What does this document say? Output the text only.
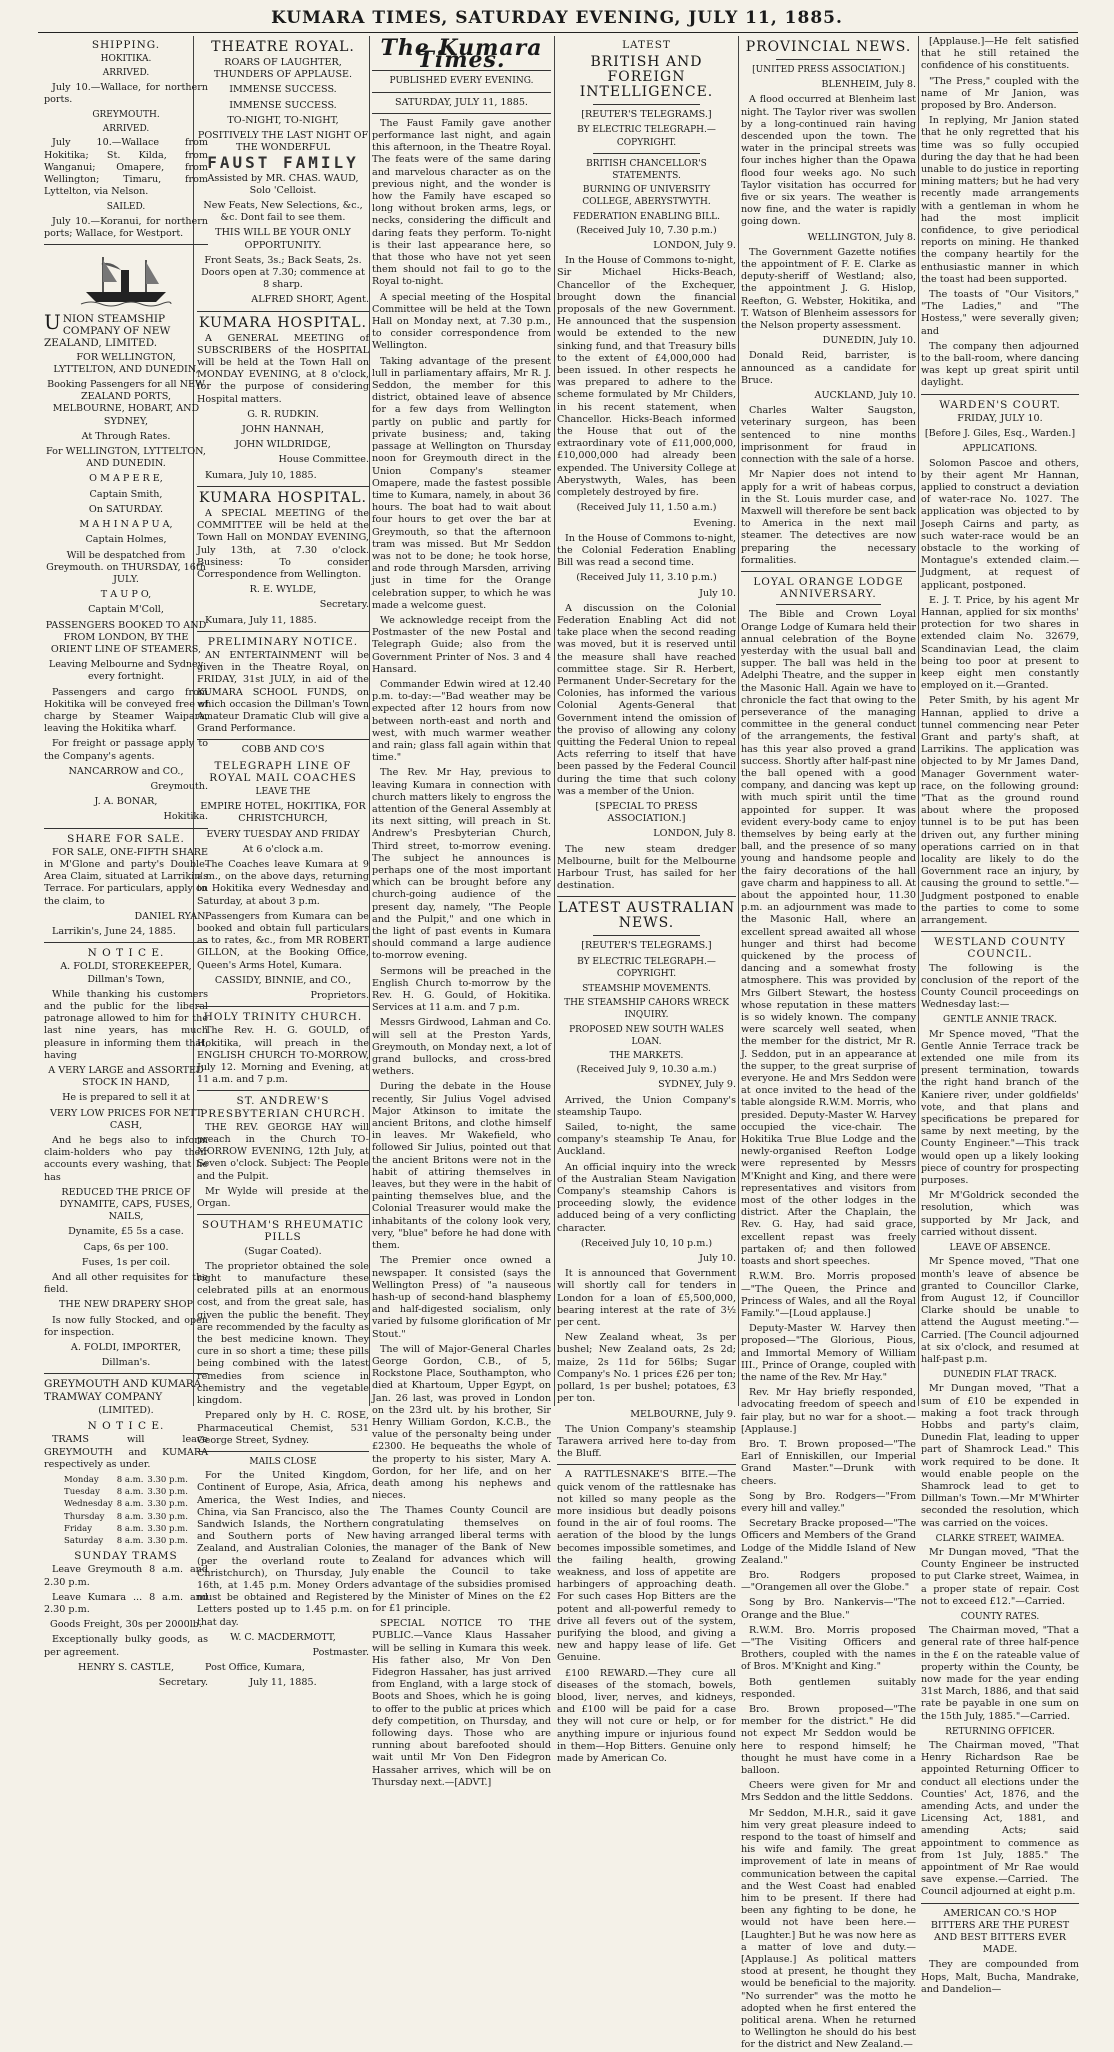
KUMARA TIMES, SATURDAY EVENING, JULY 11, 1885.
SHIPPING.
HOKITIKA.
ARRIVED.

July 10.—Wallace, for northern ports.

GREYMOUTH.
ARRIVED.

July 10.—Wallace from Hokitika; St. Kilda, from Wanganui; Omapere, from Wellington; Timaru, from Lyttelton, via Nelson.

SAILED.

July 10.—Koranui, for northern ports; Wallace, for Westport.

UNION STEAMSHIP COMPANY OF NEW ZEALAND, LIMITED.

FOR WELLINGTON, LYTTELTON, AND DUNEDIN,

Booking Passengers for all NEW ZEALAND PORTS, MELBOURNE, HOBART, AND SYDNEY,

At Through Rates.

For WELLINGTON, LYTTELTON, AND DUNEDIN.

O M A P E R E,

Captain Smith,

On SATURDAY.

M A H I N A P U A,

Captain Holmes,

Will be despatched from Greymouth. on THURSDAY, 16th JULY.

T A U P O,

Captain M'Coll,

PASSENGERS BOOKED TO AND FROM LONDON, BY THE ORIENT LINE OF STEAMERS,

Leaving Melbourne and Sydney every fortnight.

Passengers and cargo from Hokitika will be conveyed free of charge by Steamer Waipara, leaving the Hokitika wharf.

For freight or passage apply to the Company's agents.

NANCARROW and CO.,

Greymouth.

J. A. BONAR,

Hokitika.

SHARE FOR SALE.

FOR SALE, ONE-FIFTH SHARE in M'Glone and party's Double-Area Claim, situated at Larrikin's Terrace. For particulars, apply on the claim, to

DANIEL RYAN.

Larrikin's, June 24, 1885.

N O T I C E.

A. FOLDI, STOREKEEPER, Dillman's Town,

While thanking his customers and the public for the liberal patronage allowed to him for the last nine years, has much pleasure in informing them that, having

A VERY LARGE and ASSORTED STOCK IN HAND,

He is prepared to sell it at

VERY LOW PRICES FOR NETT CASH,

And he begs also to inform claim-holders who pay their accounts every washing, that he has

REDUCED THE PRICE OF DYNAMITE, CAPS, FUSES, NAILS,

Dynamite, £5 5s a case.

Caps, 6s per 100.

Fuses, 1s per coil.

And all other requisites for the field.

THE NEW DRAPERY SHOP

Is now fully Stocked, and open for inspection.

A. FOLDI, IMPORTER,

Dillman's.

GREYMOUTH AND KUMARA TRAMWAY COMPANY

(LIMITED).

N O T I C E.

TRAMS will leave GREYMOUTH and KUMARA respectively as under.

Monday	8 a.m.	3.30 p.m.
Tuesday	8 a.m.	3.30 p.m.
Wednesday	8 a.m.	3.30 p.m.
Thursday	8 a.m.	3.30 p.m.
Friday	8 a.m.	3.30 p.m.
Saturday	8 a.m.	3.30 p.m.
SUNDAY TRAMS

Leave Greymouth 8 a.m. and 2.30 p.m.

Leave Kumara ... 8 a.m. and 2.30 p.m.

Goods Freight, 30s per 2000lb.

Exceptionally bulky goods, as per agreement.

HENRY S. CASTLE,

Secretary.

THEATRE ROYAL.

ROARS OF LAUGHTER, THUNDERS OF APPLAUSE.

IMMENSE SUCCESS.

IMMENSE SUCCESS.

TO-NIGHT, TO-NIGHT,

POSITIVELY THE LAST NIGHT OF THE WONDERFUL

FAUST FAMILY

Assisted by MR. CHAS. WAUD, Solo 'Celloist.

New Feats, New Selections, &c., &c. Dont fail to see them.

THIS WILL BE YOUR ONLY OPPORTUNITY.

Front Seats, 3s.; Back Seats, 2s. Doors open at 7.30; commence at 8 sharp.

ALFRED SHORT, Agent.

KUMARA HOSPITAL.

A GENERAL MEETING of SUBSCRIBERS of the HOSPITAL will be held at the Town Hall on MONDAY EVENING, at 8 o'clock, for the purpose of considering Hospital matters.

G. R. RUDKIN.

JOHN HANNAH,

JOHN WILDRIDGE,

House Committee.

Kumara, July 10, 1885.

KUMARA HOSPITAL.

A SPECIAL MEETING of the COMMITTEE will be held at the Town Hall on MONDAY EVENING, July 13th, at 7.30 o'clock. Business: To consider Correspondence from Wellington.

R. E. WYLDE,

Secretary.

Kumara, July 11, 1885.

PRELIMINARY NOTICE.

AN ENTERTAINMENT will be given in the Theatre Royal, on FRIDAY, 31st JULY, in aid of the KUMARA SCHOOL FUNDS, on which occasion the Dillman's Town Amateur Dramatic Club will give a Grand Performance.

COBB AND CO'S

TELEGRAPH LINE OF ROYAL MAIL COACHES

LEAVE THE

EMPIRE HOTEL, HOKITIKA, FOR CHRISTCHURCH,

EVERY TUESDAY AND FRIDAY

At 6 o'clock a.m.

The Coaches leave Kumara at 9 a.m., on the above days, returning to Hokitika every Wednesday and Saturday, at about 3 p.m.

Passengers from Kumara can be booked and obtain full particulars as to rates, &c., from MR ROBERT GILLON, at the Booking Office, Queen's Arms Hotel, Kumara.

CASSIDY, BINNIE, and CO.,

Proprietors.

HOLY TRINITY CHURCH.

The Rev. H. G. GOULD, of Hokitika, will preach in the ENGLISH CHURCH TO-MORROW, July 12. Morning and Evening, at 11 a.m. and 7 p.m.

ST. ANDREW'S PRESBYTERIAN CHURCH.

THE REV. GEORGE HAY will preach in the Church TO-MORROW EVENING, 12th July, at Seven o'clock. Subject: The People and the Pulpit.

Mr Wylde will preside at the Organ.

SOUTHAM'S RHEUMATIC PILLS

(Sugar Coated).

The proprietor obtained the sole right to manufacture these celebrated pills at an enormous cost, and from the great sale, has given the public the benefit. They are recommended by the faculty as the best medicine known. They cure in so short a time; these pills being combined with the latest remedies from science in chemistry and the vegetable kingdom.

Prepared only by H. C. ROSE, Pharmaceutical Chemist, 531 George Street, Sydney.

MAILS CLOSE

For the United Kingdom, Continent of Europe, Asia, Africa, America, the West Indies, and China, via San Francisco, also the Sandwich Islands, the Northern and Southern ports of New Zealand, and Australian Colonies, (per the overland route to Christchurch), on Thursday, July 16th, at 1.45 p.m. Money Orders must be obtained and Registered Letters posted up to 1.45 p.m. on that day.

W. C. MACDERMOTT,

Postmaster.

Post Office, Kumara,

July 11, 1885.

The Kumara Times.

PUBLISHED EVERY EVENING.

SATURDAY, JULY 11, 1885.

The Faust Family gave another performance last night, and again this afternoon, in the Theatre Royal. The feats were of the same daring and marvelous character as on the previous night, and the wonder is how the Family have escaped so long without broken arms, legs, or necks, considering the difficult and daring feats they perform. To-night is their last appearance here, so that those who have not yet seen them should not fail to go to the Royal to-night.

A special meeting of the Hospital Committee will be held at the Town Hall on Monday next, at 7.30 p.m., to consider correspondence from Wellington.

Taking advantage of the present lull in parliamentary affairs, Mr R. J. Seddon, the member for this district, obtained leave of absence for a few days from Wellington partly on public and partly for private business; and, taking passage at Wellington on Thursday noon for Greymouth direct in the Union Company's steamer Omapere, made the fastest possible time to Kumara, namely, in about 36 hours. The boat had to wait about four hours to get over the bar at Greymouth, so that the afternoon tram was missed. But Mr Seddon was not to be done; he took horse, and rode through Marsden, arriving just in time for the Orange celebration supper, to which he was made a welcome guest.

We acknowledge receipt from the Postmaster of the new Postal and Telegraph Guide; also from the Government Printer of Nos. 3 and 4 Hansard.

Commander Edwin wired at 12.40 p.m. to-day:—"Bad weather may be expected after 12 hours from now between north-east and north and west, with much warmer weather and rain; glass fall again within that time."

The Rev. Mr Hay, previous to leaving Kumara in connection with church matters likely to engross the attention of the General Assembly at its next sitting, will preach in St. Andrew's Presbyterian Church, Third street, to-morrow evening. The subject he announces is perhaps one of the most important which can be brought before any church-going audience of the present day, namely, "The People and the Pulpit," and one which in the light of past events in Kumara should command a large audience to-morrow evening.

Sermons will be preached in the English Church to-morrow by the Rev. H. G. Gould, of Hokitika. Services at 11 a.m. and 7 p.m.

Messrs Girdwood, Lahman and Co. will sell at the Preston Yards, Greymouth, on Monday next, a lot of grand bullocks, and cross-bred wethers.

During the debate in the House recently, Sir Julius Vogel advised Major Atkinson to imitate the ancient Britons, and clothe himself in leaves. Mr Wakefield, who followed Sir Julius, pointed out that the ancient Britons were not in the habit of attiring themselves in leaves, but they were in the habit of painting themselves blue, and the Colonial Treasurer would make the inhabitants of the colony look very, very, "blue" before he had done with them.

The Premier once owned a newspaper. It consisted (says the Wellington Press) of "a nauseous hash-up of second-hand blasphemy and half-digested socialism, only varied by fulsome glorification of Mr Stout."

The will of Major-General Charles George Gordon, C.B., of 5, Rockstone Place, Southampton, who died at Khartoum, Upper Egypt, on Jan. 26 last, was proved in London on the 23rd ult. by his brother, Sir Henry William Gordon, K.C.B., the value of the personalty being under £2300. He bequeaths the whole of the property to his sister, Mary A. Gordon, for her life, and on her death among his nephews and nieces.

The Thames County Council are congratulating themselves on having arranged liberal terms with the manager of the Bank of New Zealand for advances which will enable the Council to take advantage of the subsidies promised by the Minister of Mines on the £2 for £1 principle.

SPECIAL NOTICE TO THE PUBLIC.—Vance Klaus Hassaher will be selling in Kumara this week. His father also, Mr Von Den Fidegron Hassaher, has just arrived from England, with a large stock of Boots and Shoes, which he is going to offer to the public at prices which defy competition, on Thursday, and following days. Those who are running about barefooted should wait until Mr Von Den Fidegron Hassaher arrives, which will be on Thursday next.—[ADVT.]

LATEST
BRITISH AND FOREIGN INTELLIGENCE.

[REUTER'S TELEGRAMS.]

BY ELECTRIC TELEGRAPH.—COPYRIGHT.

BRITISH CHANCELLOR'S STATEMENTS.
BURNING OF UNIVERSITY COLLEGE, ABERYSTWYTH.
FEDERATION ENABLING BILL.

(Received July 10, 7.30 p.m.)

LONDON, July 9.

In the House of Commons to-night, Sir Michael Hicks-Beach, Chancellor of the Exchequer, brought down the financial proposals of the new Government. He announced that the suspension would be extended to the new sinking fund, and that Treasury bills to the extent of £4,000,000 had been issued. In other respects he was prepared to adhere to the scheme formulated by Mr Childers, in his recent statement, when Chancellor. Hicks-Beach informed the House that out of the extraordinary vote of £11,000,000, £10,000,000 had already been expended. The University College at Aberystwyth, Wales, has been completely destroyed by fire.

(Received July 11, 1.50 a.m.)

Evening.

In the House of Commons to-night, the Colonial Federation Enabling Bill was read a second time.

(Received July 11, 3.10 p.m.)

July 10.

A discussion on the Colonial Federation Enabling Act did not take place when the second reading was moved, but it is reserved until the measure shall have reached committee stage. Sir R. Herbert, Permanent Under-Secretary for the Colonies, has informed the various Colonial Agents-General that Government intend the omission of the proviso of allowing any colony quitting the Federal Union to repeal Acts referring to itself that have been passed by the Federal Council during the time that such colony was a member of the Union.

[SPECIAL TO PRESS ASSOCIATION.]

LONDON, July 8.

The new steam dredger Melbourne, built for the Melbourne Harbour Trust, has sailed for her destination.

LATEST AUSTRALIAN NEWS.

[REUTER'S TELEGRAMS.]

BY ELECTRIC TELEGRAPH.—COPYRIGHT.

STEAMSHIP MOVEMENTS.
THE STEAMSHIP CAHORS WRECK INQUIRY.
PROPOSED NEW SOUTH WALES LOAN.
THE MARKETS.

(Received July 9, 10.30 a.m.)

SYDNEY, July 9.

Arrived, the Union Company's steamship Taupo.

Sailed, to-night, the same company's steamship Te Anau, for Auckland.

An official inquiry into the wreck of the Australian Steam Navigation Company's steamship Cahors is proceeding slowly, the evidence adduced being of a very conflicting character.

(Received July 10, 10 p.m.)

July 10.

It is announced that Government will shortly call for tenders in London for a loan of £5,500,000, bearing interest at the rate of 3½ per cent.

New Zealand wheat, 3s per bushel; New Zealand oats, 2s 2d; maize, 2s 11d for 56lbs; Sugar Company's No. 1 prices £26 per ton; pollard, 1s per bushel; potatoes, £3 per ton.

MELBOURNE, July 9.

The Union Company's steamship Tarawera arrived here to-day from the Bluff.

A RATTLESNAKE'S BITE.—The quick venom of the rattlesnake has not killed so many people as the more insidious but deadly poisons found in the air of foul rooms. The aeration of the blood by the lungs becomes impossible sometimes, and the failing health, growing weakness, and loss of appetite are harbingers of approaching death. For such cases Hop Bitters are the potent and all-powerful remedy to drive all fevers out of the system, purifying the blood, and giving a new and happy lease of life. Get Genuine.

£100 REWARD.—They cure all diseases of the stomach, bowels, blood, liver, nerves, and kidneys, and £100 will be paid for a case they will not cure or help, or for anything impure or injurious found in them—Hop Bitters. Genuine only made by American Co.

PROVINCIAL NEWS.

[UNITED PRESS ASSOCIATION.]

BLENHEIM, July 8.

A flood occurred at Blenheim last night. The Taylor river was swollen by a long-continued rain having descended upon the town. The water in the principal streets was four inches higher than the Opawa flood four weeks ago. No such Taylor visitation has occurred for five or six years. The weather is now fine, and the water is rapidly going down.

WELLINGTON, July 8.

The Government Gazette notifies the appointment of F. E. Clarke as deputy-sheriff of Westland; also, the appointment J. G. Hislop, Reefton, G. Webster, Hokitika, and T. Watson of Blenheim assessors for the Nelson property assessment.

DUNEDIN, July 10.

Donald Reid, barrister, is announced as a candidate for Bruce.

AUCKLAND, July 10.

Charles Walter Saugston, veterinary surgeon, has been sentenced to nine months imprisonment for fraud in connection with the sale of a horse.

Mr Napier does not intend to apply for a writ of habeas corpus, in the St. Louis murder case, and Maxwell will therefore be sent back to America in the next mail steamer. The detectives are now preparing the necessary formalities.

LOYAL ORANGE LODGE ANNIVERSARY.

The Bible and Crown Loyal Orange Lodge of Kumara held their annual celebration of the Boyne yesterday with the usual ball and supper. The ball was held in the Adelphi Theatre, and the supper in the Masonic Hall. Again we have to chronicle the fact that owing to the perseverance of the managing committee in the general conduct of the arrangements, the festival has this year also proved a grand success. Shortly after half-past nine the ball opened with a good company, and dancing was kept up with much spirit until the time appointed for supper. It was evident every-body came to enjoy themselves by being early at the ball, and the presence of so many young and handsome people and the fairy decorations of the hall gave charm and happiness to all. At about the appointed hour, 11.30 p.m. an adjournment was made to the Masonic Hall, where an excellent spread awaited all whose hunger and thirst had become quickened by the process of dancing and a somewhat frosty atmosphere. This was provided by Mrs Gilbert Stewart, the hostess whose reputation in these matters is so widely known. The company were scarcely well seated, when the member for the district, Mr R. J. Seddon, put in an appearance at the supper, to the great surprise of everyone. He and Mrs Seddon were at once invited to the head of the table alongside R.W.M. Morris, who presided. Deputy-Master W. Harvey occupied the vice-chair. The Hokitika True Blue Lodge and the newly-organised Reefton Lodge were represented by Messrs M'Knight and King, and there were representatives and visitors from most of the other lodges in the district. After the Chaplain, the Rev. G. Hay, had said grace, excellent repast was freely partaken of; and then followed toasts and short speeches.

R.W.M. Bro. Morris proposed—"The Queen, the Prince and Princess of Wales, and all the Royal Family."—[Loud applause.]

Deputy-Master W. Harvey then proposed—"The Glorious, Pious, and Immortal Memory of William III., Prince of Orange, coupled with the name of the Rev. Mr Hay."

Rev. Mr Hay briefly responded, advocating freedom of speech and fair play, but no war for a shoot.—[Applause.]

Bro. T. Brown proposed—"The Earl of Enniskillen, our Imperial Grand Master."—Drunk with cheers.

Song by Bro. Rodgers—"From every hill and valley."

Secretary Bracke proposed—"The Officers and Members of the Grand Lodge of the Middle Island of New Zealand."

Bro. Rodgers proposed—"Orangemen all over the Globe."

Song by Bro. Nankervis—"The Orange and the Blue."

R.W.M. Bro. Morris proposed—"The Visiting Officers and Brothers, coupled with the names of Bros. M'Knight and King."

Both gentlemen suitably responded.

Bro. Brown proposed—"The member for the district." He did not expect Mr Seddon would be here to respond himself; he thought he must have come in a balloon.

Cheers were given for Mr and Mrs Seddon and the little Seddons.

Mr Seddon, M.H.R., said it gave him very great pleasure indeed to respond to the toast of himself and his wife and family. The great improvement of late in means of communication between the capital and the West Coast had enabled him to be present. If there had been any fighting to be done, he would not have been here.—[Laughter.] But he was now here as a matter of love and duty.—[Applause.] As political matters stood at present, he thought they would be beneficial to the majority. "No surrender" was the motto he adopted when he first entered the political arena. When he returned to Wellington he should do his best for the district and New Zealand.—

[Applause.]—He felt satisfied that he still retained the confidence of his constituents.

"The Press," coupled with the name of Mr Janion, was proposed by Bro. Anderson.

In replying, Mr Janion stated that he only regretted that his time was so fully occupied during the day that he had been unable to do justice in reporting mining matters; but he had very recently made arrangements with a gentleman in whom he had the most implicit confidence, to give periodical reports on mining. He thanked the company heartily for the enthusiastic manner in which the toast had been supported.

The toasts of "Our Visitors," "The Ladies," and "The Hostess," were severally given; and

The company then adjourned to the ball-room, where dancing was kept up great spirit until daylight.

WARDEN'S COURT.

FRIDAY, JULY 10.

[Before J. Giles, Esq., Warden.]

APPLICATIONS.

Solomon Pascoe and others, by their agent Mr Hannan, applied to construct a deviation of water-race No. 1027. The application was objected to by Joseph Cairns and party, as such water-race would be an obstacle to the working of Montague's extended claim.—Judgment, at request of applicant, postponed.

E. J. T. Price, by his agent Mr Hannan, applied for six months' protection for two shares in extended claim No. 32679, Scandinavian Lead, the claim being too poor at present to keep eight men constantly employed on it.—Granted.

Peter Smith, by his agent Mr Hannan, applied to drive a tunnel commencing near Peter Grant and party's shaft, at Larrikins. The application was objected to by Mr James Dand, Manager Government water-race, on the following ground: "That as the ground round about where the proposed tunnel is to be put has been driven out, any further mining operations carried on in that locality are likely to do the Government race an injury, by causing the ground to settle."—Judgment postponed to enable the parties to come to some arrangement.

WESTLAND COUNTY COUNCIL.

The following is the conclusion of the report of the County Council proceedings on Wednesday last:—

GENTLE ANNIE TRACK.

Mr Spence moved, "That the Gentle Annie Terrace track be extended one mile from its present termination, towards the right hand branch of the Kaniere river, under goldfields' vote, and that plans and specifications be prepared for same by next meeting, by the County Engineer."—This track would open up a likely looking piece of country for prospecting purposes.

Mr M'Goldrick seconded the resolution, which was supported by Mr Jack, and carried without dissent.

LEAVE OF ABSENCE.

Mr Spence moved, "That one month's leave of absence be granted to Councillor Clarke, from August 12, if Councillor Clarke should be unable to attend the August meeting."—Carried. [The Council adjourned at six o'clock, and resumed at half-past p.m.

DUNEDIN FLAT TRACK.

Mr Dungan moved, "That a sum of £10 be expended in making a foot track through Hobbs and party's claim, Dunedin Flat, leading to upper part of Shamrock Lead." This work required to be done. It would enable people on the Shamrock lead to get to Dillman's Town.—Mr M'Whirter seconded the resolution, which was carried on the voices.

CLARKE STREET, WAIMEA.

Mr Dungan moved, "That the County Engineer be instructed to put Clarke street, Waimea, in a proper state of repair. Cost not to exceed £12."—Carried.

COUNTY RATES.

The Chairman moved, "That a general rate of three half-pence in the £ on the rateable value of property within the County, be now made for the year ending 31st March, 1886, and that said rate be payable in one sum on the 15th July, 1885."—Carried.

RETURNING OFFICER.

The Chairman moved, "That Henry Richardson Rae be appointed Returning Officer to conduct all elections under the Counties' Act, 1876, and the amending Acts, and under the Licensing Act, 1881, and amending Acts; said appointment to commence as from 1st July, 1885." The appointment of Mr Rae would save expense.—Carried. The Council adjourned at eight p.m.

AMERICAN CO.'S HOP BITTERS ARE THE PUREST AND BEST BITTERS EVER MADE.

They are compounded from Hops, Malt, Bucha, Mandrake, and Dandelion—
